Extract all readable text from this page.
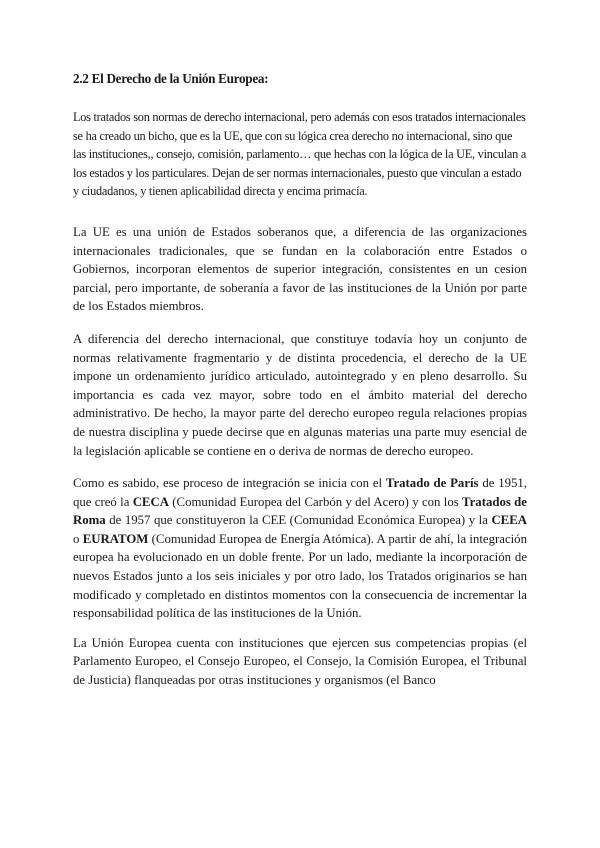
2.2 El Derecho de la Unión Europea:

Los tratados son normas de derecho internacional, pero además con esos tratados internacionales se ha creado un bicho, que es la UE, que con su lógica crea derecho no internacional, sino que las instituciones,, consejo, comisión, parlamento… que hechas con la lógica de la UE, vinculan a los estados y los particulares. Dejan de ser normas internacionales, puesto que vinculan a estado y ciudadanos, y tienen aplicabilidad directa y encima primacía.

La UE es una unión de Estados soberanos que, a diferencia de las organizaciones internacionales tradicionales, que se fundan en la colaboración entre Estados o Gobiernos, incorporan elementos de superior integración, consistentes en un cesion parcial, pero importante, de soberanía a favor de las instituciones de la Unión por parte de los Estados miembros.

A diferencia del derecho internacional, que constituye todavía hoy un conjunto de normas relativamente fragmentario y de distinta procedencia, el derecho de la UE impone un ordenamiento jurídico articulado, autointegrado y en pleno desarrollo. Su importancia es cada vez mayor, sobre todo en el ámbito material del derecho administrativo. De hecho, la mayor parte del derecho europeo regula relaciones propias de nuestra disciplina y puede decirse que en algunas materias una parte muy esencial de la legislación aplicable se contiene en o deriva de normas de derecho europeo.

Como es sabido, ese proceso de integración se inicia con el Tratado de París de 1951, que creó la CECA (Comunidad Europea del Carbón y del Acero) y con los Tratados de Roma de 1957 que constituyeron la CEE (Comunidad Económica Europea) y la CEEA o EURATOM (Comunidad Europea de Energía Atómica). A partir de ahí, la integración europea ha evolucionado en un doble frente. Por un lado, mediante la incorporación de nuevos Estados junto a los seis iniciales y por otro lado, los Tratados originarios se han modificado y completado en distintos momentos con la consecuencia de incrementar la responsabilidad política de las instituciones de la Unión.

La Unión Europea cuenta con instituciones que ejercen sus competencias propias (el Parlamento Europeo, el Consejo Europeo, el Consejo, la Comisión Europea, el Tribunal de Justicia) flanqueadas por otras instituciones y organismos (el Banco
